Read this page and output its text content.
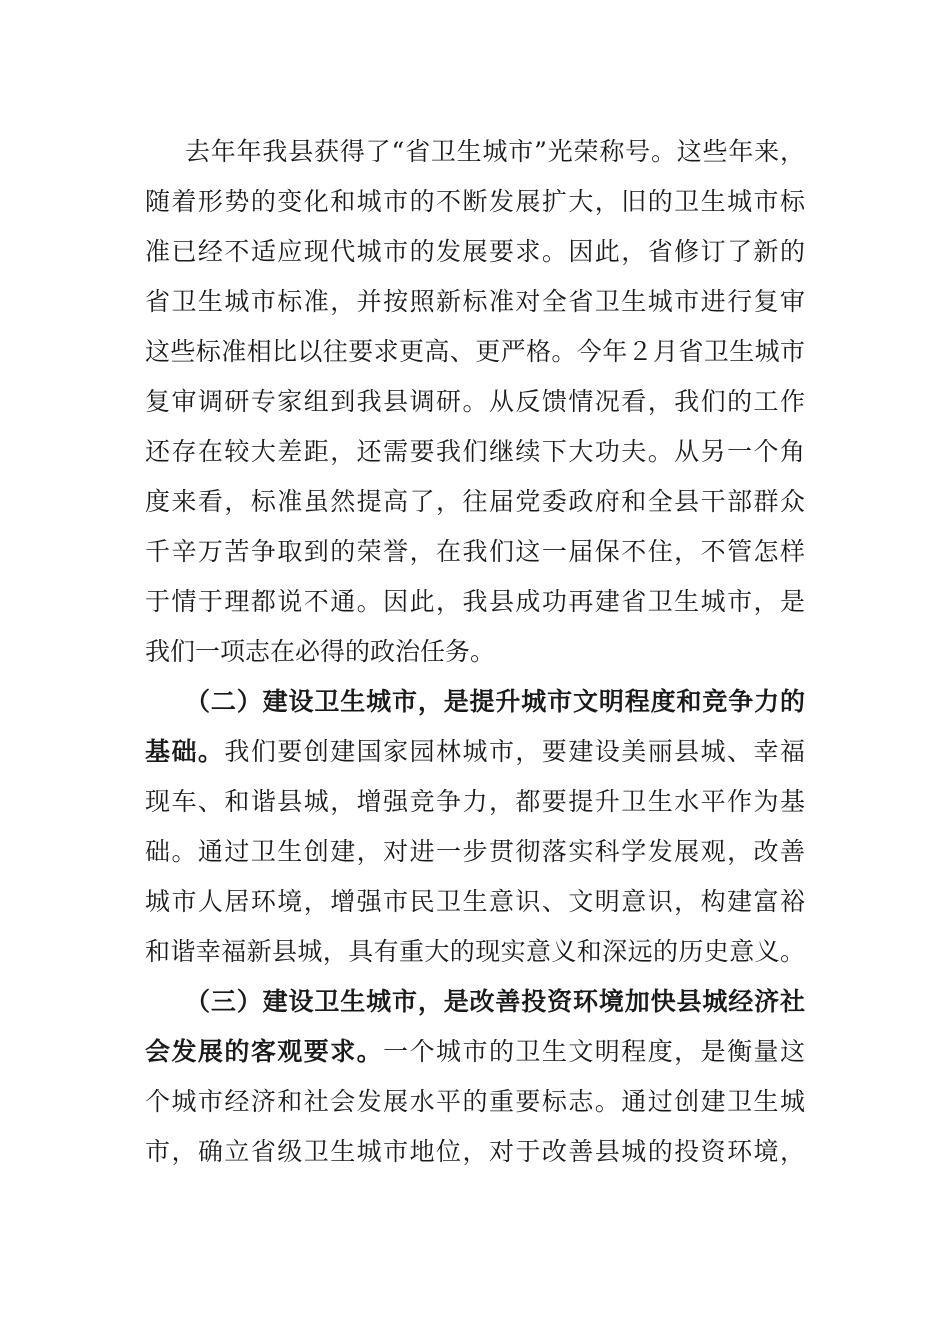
去年年我县获得了“省卫生城市”光荣称号。这些年来，
随着形势的变化和城市的不断发展扩大，旧的卫生城市标
准已经不适应现代城市的发展要求。因此，省修订了新的
省卫生城市标准，并按照新标准对全省卫生城市进行复审
这些标准相比以往要求更高、更严格。今年２月省卫生城市
复审调研专家组到我县调研。从反馈情况看，我们的工作
还存在较大差距，还需要我们继续下大功夫。从另一个角
度来看，标准虽然提高了，往届党委政府和全县干部群众
千辛万苦争取到的荣誉，在我们这一届保不住，不管怎样
于情于理都说不通。因此，我县成功再建省卫生城市，是
我们一项志在必得的政治任务。
（二）建设卫生城市，是提升城市文明程度和竞争力的
基础。我们要创建国家园林城市，要建设美丽县城、幸福
现车、和谐县城，增强竞争力，都要提升卫生水平作为基
础。通过卫生创建，对进一步贯彻落实科学发展观，改善
城市人居环境，增强市民卫生意识、文明意识，构建富裕
和谐幸福新县城，具有重大的现实意义和深远的历史意义。
（三）建设卫生城市，是改善投资环境加快县城经济社
会发展的客观要求。一个城市的卫生文明程度，是衡量这
个城市经济和社会发展水平的重要标志。通过创建卫生城
市，确立省级卫生城市地位，对于改善县城的投资环境，
